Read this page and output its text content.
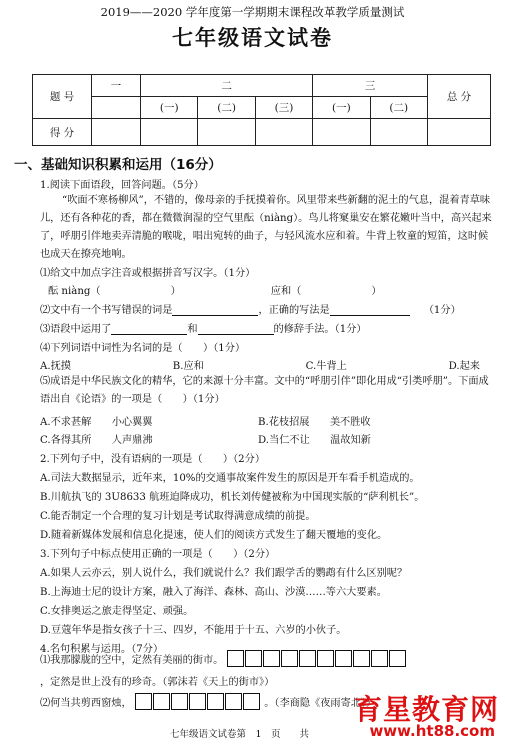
2019——2020 学年度第一学期期末课程改革教学质量测试
七年级语文试卷
题 号	一	二			三		总 分
		(一)	(二)	(三)	(一)	(二)	
得 分							
一、基础知识积累和运用（16分）
1.阅读下面语段，回答问题。（5分）
“吹面不寒杨柳风”，不错的，像母亲的手抚摸着你。风里带来些新翻的泥土的气息，混着青草味儿，还有各种花的香，都在微微润湿的空气里酝（niàng）。鸟儿将窠巢安在繁花嫩叶当中，高兴起来了，呼朋引伴地卖弄清脆的喉咙，唱出宛转的曲子，与轻风流水应和着。牛背上牧童的短笛，这时候也成天在撩亮地响。
⑴给文中加点字注音或根据拼音写汉字。（1分）
酝 niàng（	）	应和（	）
⑵文中有一个书写错误的词是	，正确的写法是	（1分）
⑶语段中运用了	和	的修辞手法。（1分）
⑷下列词语中词性为名词的是（　　）（1分）
A.抚摸	B.应和	C.牛背上	D.起来
⑸成语是中华民族文化的精华，它的来源十分丰富。文中的“呼朋引伴”即化用成“引类呼朋”。下面成语出自《论语》的一项是（　　）（1分）
A.不求甚解　　小心翼翼	B.花枝招展　　美不胜收
C.各得其所　　人声鼎沸	D.当仁不让　　温故知新
2.下列句子中，没有语病的一项是（　　）（2分）
A.司法大数据显示，近年来，10%的交通事故案件发生的原因是开车看手机造成的。
B.川航执飞的 3U8633 航班迫降成功，机长刘传健被称为中国现实版的“萨利机长”。
C.能否制定一个合理的复习计划是考试取得满意成绩的前提。
D.随着新媒体发展和信息化提速，使人们的阅读方式发生了翻天覆地的变化。
3.下列句子中标点使用正确的一项是（　　）（2分）
A.如果人云亦云，别人说什么，我们就说什么？我们跟学舌的鹦鹉有什么区别呢？
B.上海迪士尼的设计方案，融入了海洋、森林、高山、沙漠……等六大要素。
C.女排奥运之旅走得坚定、顽强。
D.豆蔻年华是指女孩子十三、四岁，不能用于十五、六岁的小伙子。
4.名句积累与运用。（7分）
⑴我那朦胧的空中，定然有美丽的街市。
，定然是世上没有的珍奇。（郭沫若《天上的街市》）
⑵何当共剪西窗烛，	。（李商隐《夜雨寄北》）
七年级语文试卷第　1　页　　共
育星教育网
www.ht88.com
